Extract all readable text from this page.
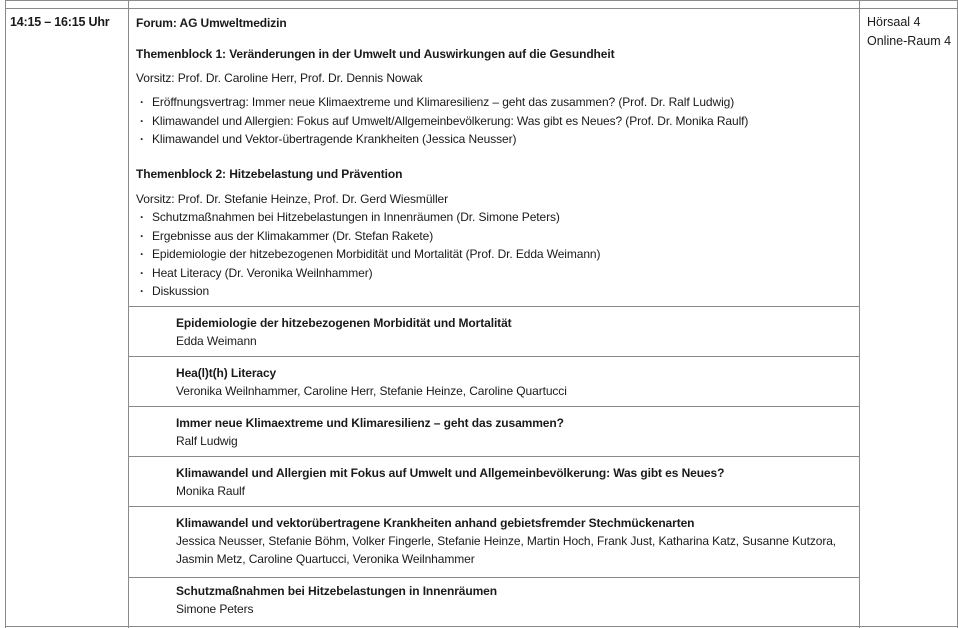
14:15 – 16:15 Uhr	Hörsaal 4
Online-Raum 4
Forum: AG Umweltmedizin
Themenblock 1: Veränderungen in der Umwelt und Auswirkungen auf die Gesundheit
Vorsitz: Prof. Dr. Caroline Herr, Prof. Dr. Dennis Nowak
· Eröffnungsvertrag: Immer neue Klimaextreme und Klimaresilienz – geht das zusammen? (Prof. Dr. Ralf Ludwig)
· Klimawandel und Allergien: Fokus auf Umwelt/Allgemeinbevölkerung: Was gibt es Neues? (Prof. Dr. Monika Raulf)
· Klimawandel und Vektor-übertragende Krankheiten (Jessica Neusser)
Themenblock 2: Hitzebelastung und Prävention
Vorsitz: Prof. Dr. Stefanie Heinze, Prof. Dr. Gerd Wiesmüller
· Schutzmaßnahmen bei Hitzebelastungen in Innenräumen (Dr. Simone Peters)
· Ergebnisse aus der Klimakammer (Dr. Stefan Rakete)
· Epidemiologie der hitzebezogenen Morbidität und Mortalität (Prof. Dr. Edda Weimann)
· Heat Literacy (Dr. Veronika Weilnhammer)
· Diskussion
Epidemiologie der hitzebezogenen Morbidität und Mortalität
Edda Weimann
Hea(l)t(h) Literacy
Veronika Weilnhammer, Caroline Herr, Stefanie Heinze, Caroline Quartucci
Immer neue Klimaextreme und Klimaresilienz – geht das zusammen?
Ralf Ludwig
Klimawandel und Allergien mit Fokus auf Umwelt und Allgemeinbevölkerung: Was gibt es Neues?
Monika Raulf
Klimawandel und vektorübertragene Krankheiten anhand gebietsfremder Stechmückenarten
Jessica Neusser, Stefanie Böhm, Volker Fingerle, Stefanie Heinze, Martin Hoch, Frank Just, Katharina Katz, Susanne Kutzora,
Jasmin Metz, Caroline Quartucci, Veronika Weilnhammer
Schutzmaßnahmen bei Hitzebelastungen in Innenräumen
Simone Peters
